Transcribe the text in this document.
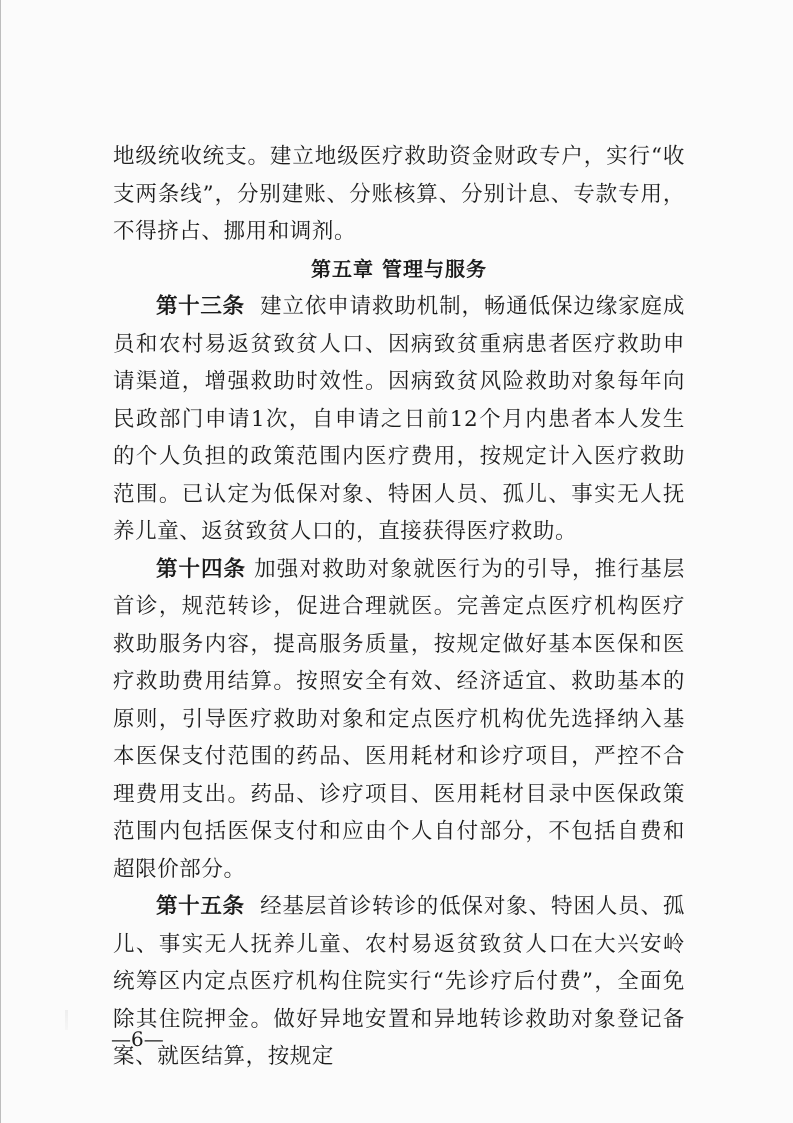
地级统收统支。建立地级医疗救助资金财政专户，实行“收支两条线”，分别建账、分账核算、分别计息、专款专用，不得挤占、挪用和调剂。

第五章 管理与服务

第十三条 建立依申请救助机制，畅通低保边缘家庭成员和农村易返贫致贫人口、因病致贫重病患者医疗救助申请渠道，增强救助时效性。因病致贫风险救助对象每年向民政部门申请1次，自申请之日前12个月内患者本人发生的个人负担的政策范围内医疗费用，按规定计入医疗救助范围。已认定为低保对象、特困人员、孤儿、事实无人抚养儿童、返贫致贫人口的，直接获得医疗救助。

第十四条 加强对救助对象就医行为的引导，推行基层首诊，规范转诊，促进合理就医。完善定点医疗机构医疗救助服务内容，提高服务质量，按规定做好基本医保和医疗救助费用结算。按照安全有效、经济适宜、救助基本的原则，引导医疗救助对象和定点医疗机构优先选择纳入基本医保支付范围的药品、医用耗材和诊疗项目，严控不合理费用支出。药品、诊疗项目、医用耗材目录中医保政策范围内包括医保支付和应由个人自付部分，不包括自费和超限价部分。

第十五条 经基层首诊转诊的低保对象、特困人员、孤儿、事实无人抚养儿童、农村易返贫致贫人口在大兴安岭统筹区内定点医疗机构住院实行“先诊疗后付费”，全面免除其住院押金。做好异地安置和异地转诊救助对象登记备案、就医结算，按规定

—6—
